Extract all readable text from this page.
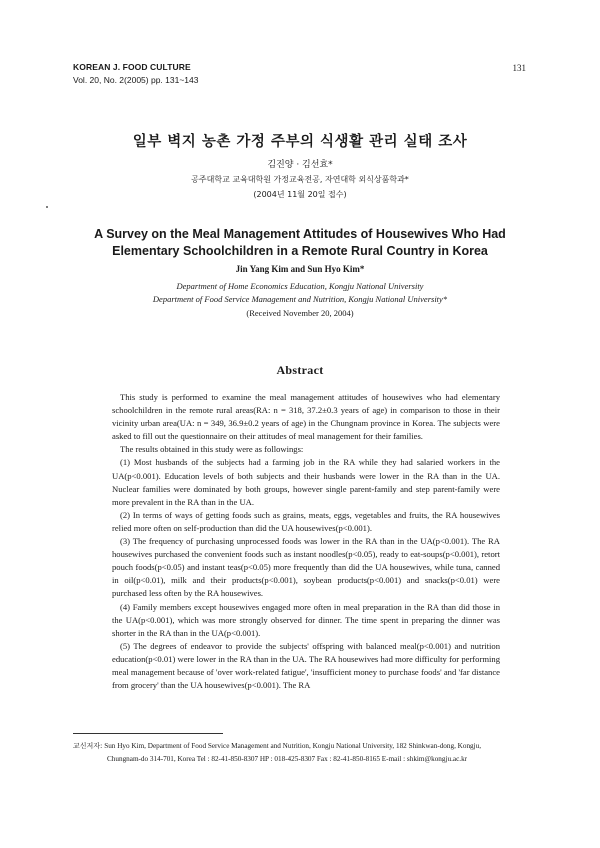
KOREAN J. FOOD CULTURE
Vol. 20, No. 2(2005) pp. 131~143
131
일부 벽지 농촌 가정 주부의 식생활 관리 실태 조사
김진양 · 김선효*
공주대학교 교육대학원 가정교육전공, 자연대학 외식상품학과*
(2004년 11월 20일 접수)
A Survey on the Meal Management Attitudes of Housewives Who Had
Elementary Schoolchildren in a Remote Rural Country in Korea
Jin Yang Kim and Sun Hyo Kim*
Department of Home Economics Education, Kongju National University
Department of Food Service Management and Nutrition, Kongju National University*
(Received November 20, 2004)
Abstract

This study is performed to examine the meal management attitudes of housewives who had elementary schoolchildren in the remote rural areas(RA: n = 318, 37.2±0.3 years of age) in comparison to those in their vicinity urban area(UA: n = 349, 36.9±0.2 years of age) in the Chungnam province in Korea. The subjects were asked to fill out the questionnaire on their attitudes of meal management for their families.

The results obtained in this study were as followings:

(1) Most husbands of the subjects had a farming job in the RA while they had salaried workers in the UA(p<0.001). Education levels of both subjects and their husbands were lower in the RA than in the UA. Nuclear families were dominated by both groups, however single parent-family and step parent-family were more prevalent in the RA than in the UA.

(2) In terms of ways of getting foods such as grains, meats, eggs, vegetables and fruits, the RA housewives relied more often on self-production than did the UA housewives(p<0.001).

(3) The frequency of purchasing unprocessed foods was lower in the RA than in the UA(p<0.001). The RA housewives purchased the convenient foods such as instant noodles(p<0.05), ready to eat-soups(p<0.001), retort pouch foods(p<0.05) and instant teas(p<0.05) more frequently than did the UA housewives, while tuna, canned in oil(p<0.01), milk and their products(p<0.001), soybean products(p<0.001) and snacks(p<0.01) were purchased less often by the RA housewives.

(4) Family members except housewives engaged more often in meal preparation in the RA than did those in the UA(p<0.001), which was more strongly observed for dinner. The time spent in preparing the dinner was shorter in the RA than in the UA(p<0.001).

(5) The degrees of endeavor to provide the subjects' offspring with balanced meal(p<0.001) and nutrition education(p<0.01) were lower in the RA than in the UA. The RA housewives had more difficulty for performing meal management because of 'over work-related fatigue', 'insufficient money to purchase foods' and 'far distance from grocery' than the UA housewives(p<0.001). The RA

교신저자: Sun Hyo Kim, Department of Food Service Management and Nutrition, Kongju National University, 182 Shinkwan-dong, Kongju,
Chungnam-do 314-701, Korea Tel : 82-41-850-8307 HP : 018-425-8307 Fax : 82-41-850-8165 E-mail : shkim@kongju.ac.kr
